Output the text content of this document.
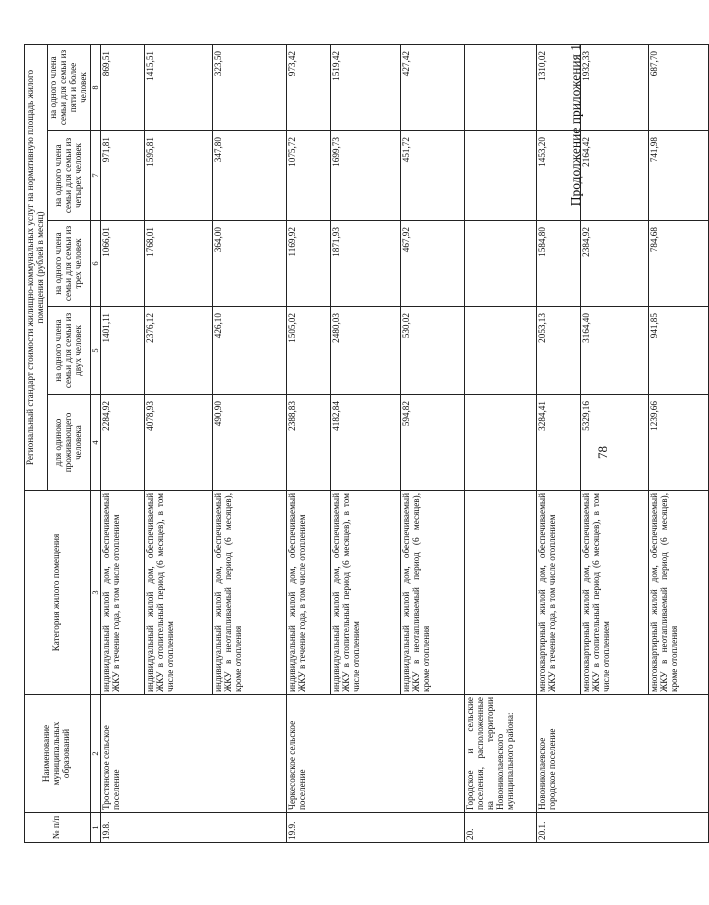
78
Продолжение приложения 1
№ п/п	Наименование муниципальных образований	Категория жилого помещения	Региональный стандарт стоимости жилищно-коммунальных услуг на нормативную площадь жилого помещения (рублей в месяц)				
			для одиноко проживающего человека	на одного члена семьи для семьи из двух человек	на одного члена семьи для семьи из трех человек	на одного члена семьи для семьи из четырех человек	на одного члена семьи для семьи из пяти и более человек
1	2	3	4	5	6	7	8
19.8.	Тростянское сельское поселение	индивидуальный жилой дом, обеспечиваемый ЖКУ в течение года, в том числе отоплением	2284,92	1401,11	1066,01	971,81	869,51
		индивидуальный жилой дом, обеспечиваемый ЖКУ в отопительный период (6 месяцев), в том числе отоплением	4078,93	2376,12	1768,01	1595,81	1415,51
		индивидуальный жилой дом, обеспечиваемый ЖКУ в неотапливаемый период (6 месяцев), кроме отопления	490,90	426,10	364,00	347,80	323,50
19.9.	Черкесовское сельское поселение	индивидуальный жилой дом, обеспечиваемый ЖКУ в течение года, в том числе отоплением	2388,83	1505,02	1169,92	1075,72	973,42
		индивидуальный жилой дом, обеспечиваемый ЖКУ в отопительный период (6 месяцев), в том числе отоплением	4182,84	2480,03	1871,93	1699,73	1519,42
		индивидуальный жилой дом, обеспечиваемый ЖКУ в неотапливаемый период (6 месяцев), кроме отопления	594,82	530,02	467,92	451,72	427,42
20.	Городское и сельские поселения, расположенные на территории Новониколаевского муниципального района:						
20.1.	Новониколаевское городское поселение	многоквартирный жилой дом, обеспечиваемый ЖКУ в течение года, в том числе отоплением	3284,41	2053,13	1584,80	1453,20	1310,02
		многоквартирный жилой дом, обеспечиваемый ЖКУ в отопительный период (6 месяцев), в том числе отоплением	5329,16	3164,40	2384,92	2164,42	1932,33
		многоквартирный жилой дом, обеспечиваемый ЖКУ в неотапливаемый период (6 месяцев), кроме отопления	1239,66	941,85	784,68	741,98	687,70
